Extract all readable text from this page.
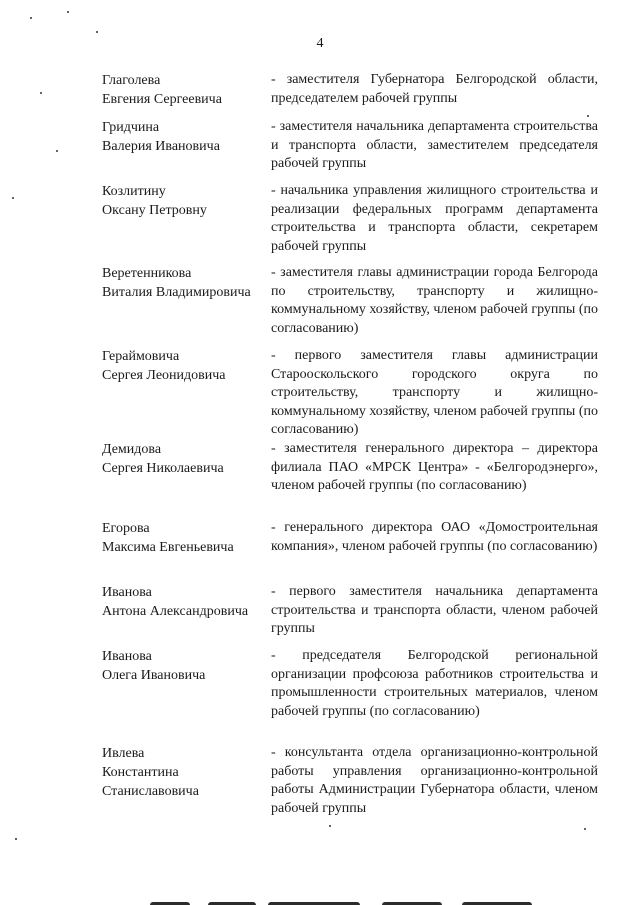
4
Глаголева
Евгения Сергеевича
- заместителя Губернатора Белгородской области, председателем рабочей группы
Гридчина
Валерия Ивановича
- заместителя начальника департамента строительства и транспорта области, заместителем председателя рабочей группы
Козлитину
Оксану Петровну
- начальника управления жилищного строительства и реализации федеральных программ департамента строительства и транспорта области, секретарем рабочей группы
Веретенникова
Виталия Владимировича
- заместителя главы администрации города Белгорода по строительству, транспорту и жилищно-коммунальному хозяйству, членом рабочей группы (по согласованию)
Гераймовича
Сергея Леонидовича
- первого заместителя главы администрации Старооскольского городского округа по строительству, транспорту и жилищно-коммунальному хозяйству, членом рабочей группы (по согласованию)
Демидова
Сергея Николаевича
- заместителя генерального директора – директора филиала ПАО «МРСК Центра» - «Белгородэнерго», членом рабочей группы (по согласованию)
Егорова
Максима Евгеньевича
- генерального директора ОАО «Домостроительная компания», членом рабочей группы (по согласованию)
Иванова
Антона Александровича
- первого заместителя начальника департамента строительства и транспорта области, членом рабочей группы
Иванова
Олега Ивановича
- председателя Белгородской региональной организации профсоюза работников строительства и промышленности строительных материалов, членом рабочей группы (по согласованию)
Ивлева
Константина
Станиславовича
- консультанта отдела организационно-контрольной работы управления организационно-контрольной работы Администрации Губернатора области, членом рабочей группы
